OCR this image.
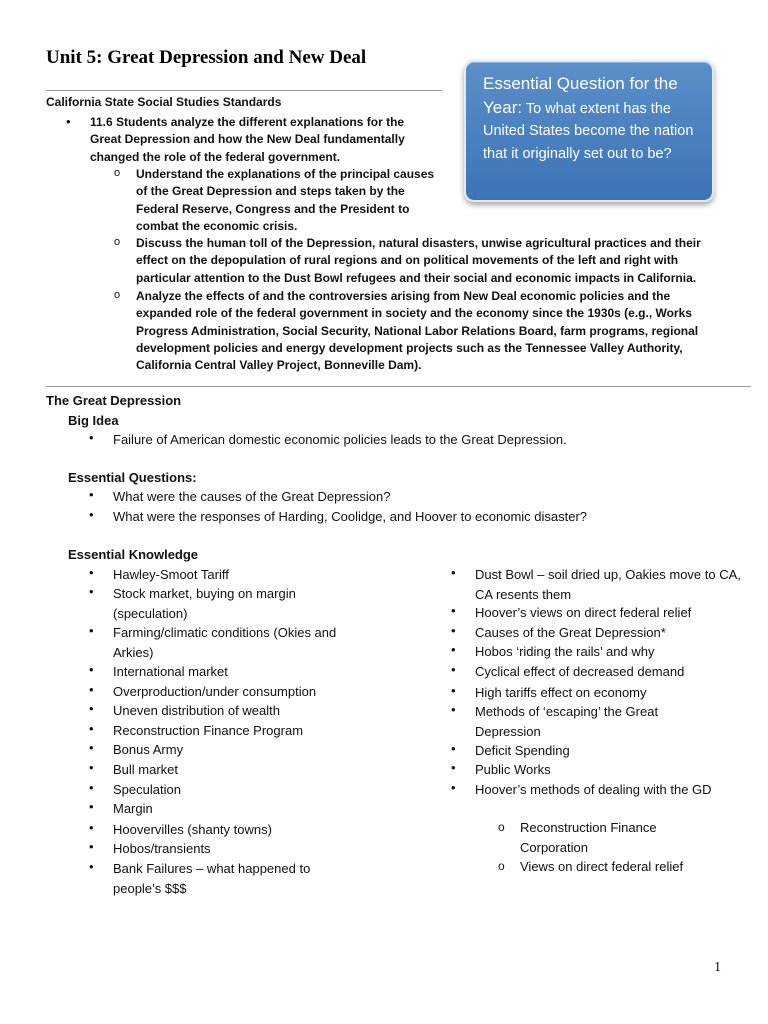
Unit 5: Great Depression and New Deal
California State Social Studies Standards
• 11.6 Students analyze the different explanations for the Great Depression and how the New Deal fundamentally changed the role of the federal government.
o Understand the explanations of the principal causes of the Great Depression and steps taken by the Federal Reserve, Congress and the President to combat the economic crisis.
o Discuss the human toll of the Depression, natural disasters, unwise agricultural practices and their effect on the depopulation of rural regions and on political movements of the left and right with particular attention to the Dust Bowl refugees and their social and economic impacts in California.
o Analyze the effects of and the controversies arising from New Deal economic policies and the expanded role of the federal government in society and the economy since the 1930s (e.g., Works Progress Administration, Social Security, National Labor Relations Board, farm programs, regional development policies and energy development projects such as the Tennessee Valley Authority, California Central Valley Project, Bonneville Dam).
Essential Question for the Year: To what extent has the United States become the nation that it originally set out to be?
The Great Depression
Big Idea
• Failure of American domestic economic policies leads to the Great Depression.
Essential Questions:
• What were the causes of the Great Depression?
• What were the responses of Harding, Coolidge, and Hoover to economic disaster?
Essential Knowledge
• Hawley-Smoot Tariff
• Stock market, buying on margin (speculation)
• Farming/climatic conditions (Okies and Arkies)
• International market
• Overproduction/under consumption
• Uneven distribution of wealth
• Reconstruction Finance Program
• Bonus Army
• Bull market
• Speculation
• Margin
• Hoovervilles (shanty towns)
• Hobos/transients
• Bank Failures – what happened to people’s $$$
• Dust Bowl – soil dried up, Oakies move to CA, CA resents them
• Hoover’s views on direct federal relief
• Causes of the Great Depression*
• Hobos ‘riding the rails’ and why
• Cyclical effect of decreased demand
• High tariffs effect on economy
• Methods of ‘escaping’ the Great Depression
• Deficit Spending
• Public Works
• Hoover’s methods of dealing with the GD
o Reconstruction Finance Corporation
o Views on direct federal relief
1
